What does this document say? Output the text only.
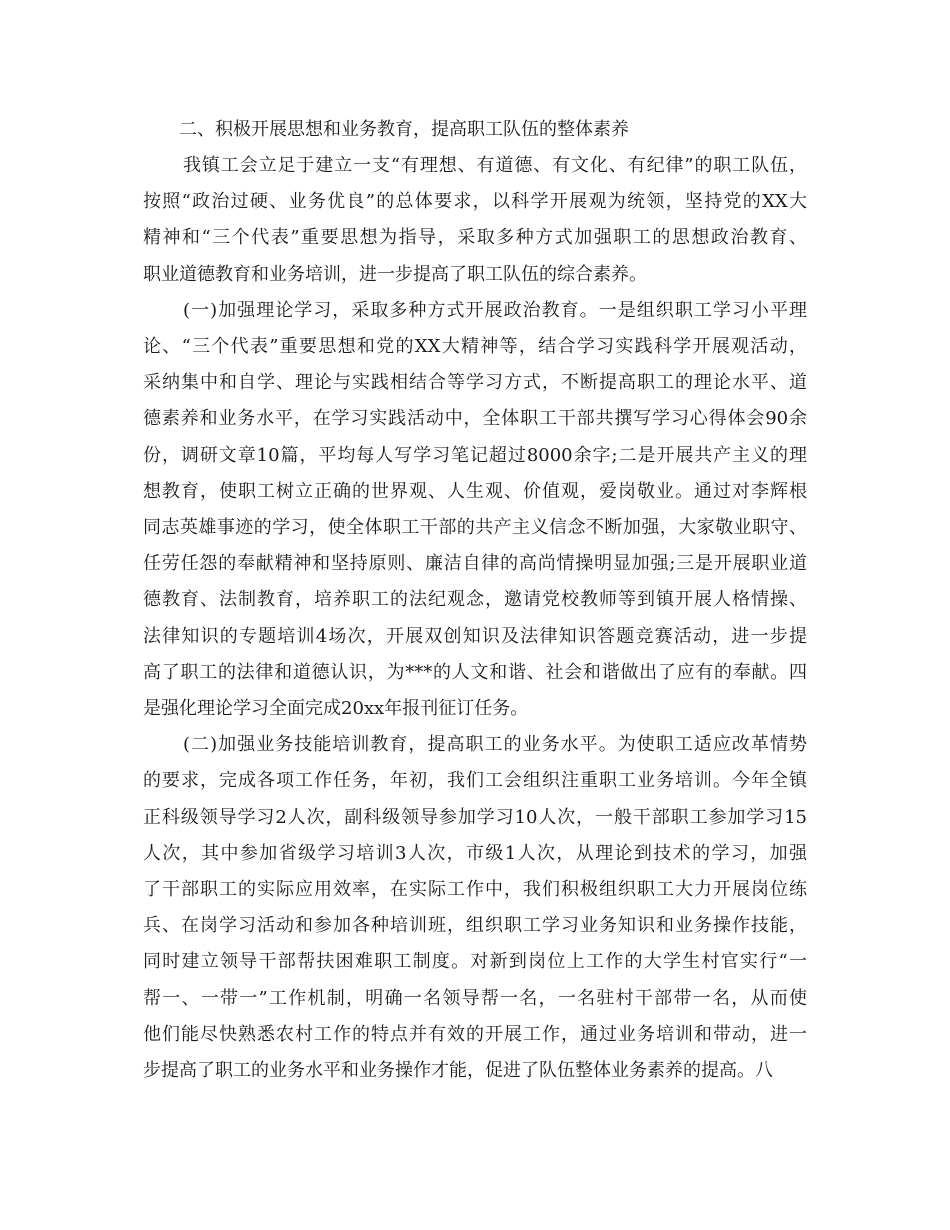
二、积极开展思想和业务教育，提高职工队伍的整体素养

我镇工会立足于建立一支“有理想、有道德、有文化、有纪律”的职工队伍，
按照“政治过硬、业务优良”的总体要求，以科学开展观为统领，坚持党的XX大
精神和“三个代表”重要思想为指导，采取多种方式加强职工的思想政治教育、
职业道德教育和业务培训，进一步提高了职工队伍的综合素养。
(一)加强理论学习，采取多种方式开展政治教育。一是组织职工学习小平理
论、“三个代表”重要思想和党的XX大精神等，结合学习实践科学开展观活动，
采纳集中和自学、理论与实践相结合等学习方式，不断提高职工的理论水平、道
德素养和业务水平，在学习实践活动中，全体职工干部共撰写学习心得体会90余
份，调研文章10篇，平均每人写学习笔记超过8000余字;二是开展共产主义的理
想教育，使职工树立正确的世界观、人生观、价值观，爱岗敬业。通过对李辉根
同志英雄事迹的学习，使全体职工干部的共产主义信念不断加强，大家敬业职守、
任劳任怨的奉献精神和坚持原则、廉洁自律的高尚情操明显加强;三是开展职业道
德教育、法制教育，培养职工的法纪观念，邀请党校教师等到镇开展人格情操、
法律知识的专题培训4场次，开展双创知识及法律知识答题竞赛活动，进一步提
高了职工的法律和道德认识，为***的人文和谐、社会和谐做出了应有的奉献。四
是强化理论学习全面完成20xx年报刊征订任务。
(二)加强业务技能培训教育，提高职工的业务水平。为使职工适应改革情势
的要求，完成各项工作任务，年初，我们工会组织注重职工业务培训。今年全镇
正科级领导学习2人次，副科级领导参加学习10人次，一般干部职工参加学习15
人次，其中参加省级学习培训3人次，市级1人次，从理论到技术的学习，加强
了干部职工的实际应用效率，在实际工作中，我们积极组织职工大力开展岗位练
兵、在岗学习活动和参加各种培训班，组织职工学习业务知识和业务操作技能，
同时建立领导干部帮扶困难职工制度。对新到岗位上工作的大学生村官实行“一
帮一、一带一”工作机制，明确一名领导帮一名，一名驻村干部带一名，从而使
他们能尽快熟悉农村工作的特点并有效的开展工作，通过业务培训和带动，进一
步提高了职工的业务水平和业务操作才能，促进了队伍整体业务素养的提高。八
